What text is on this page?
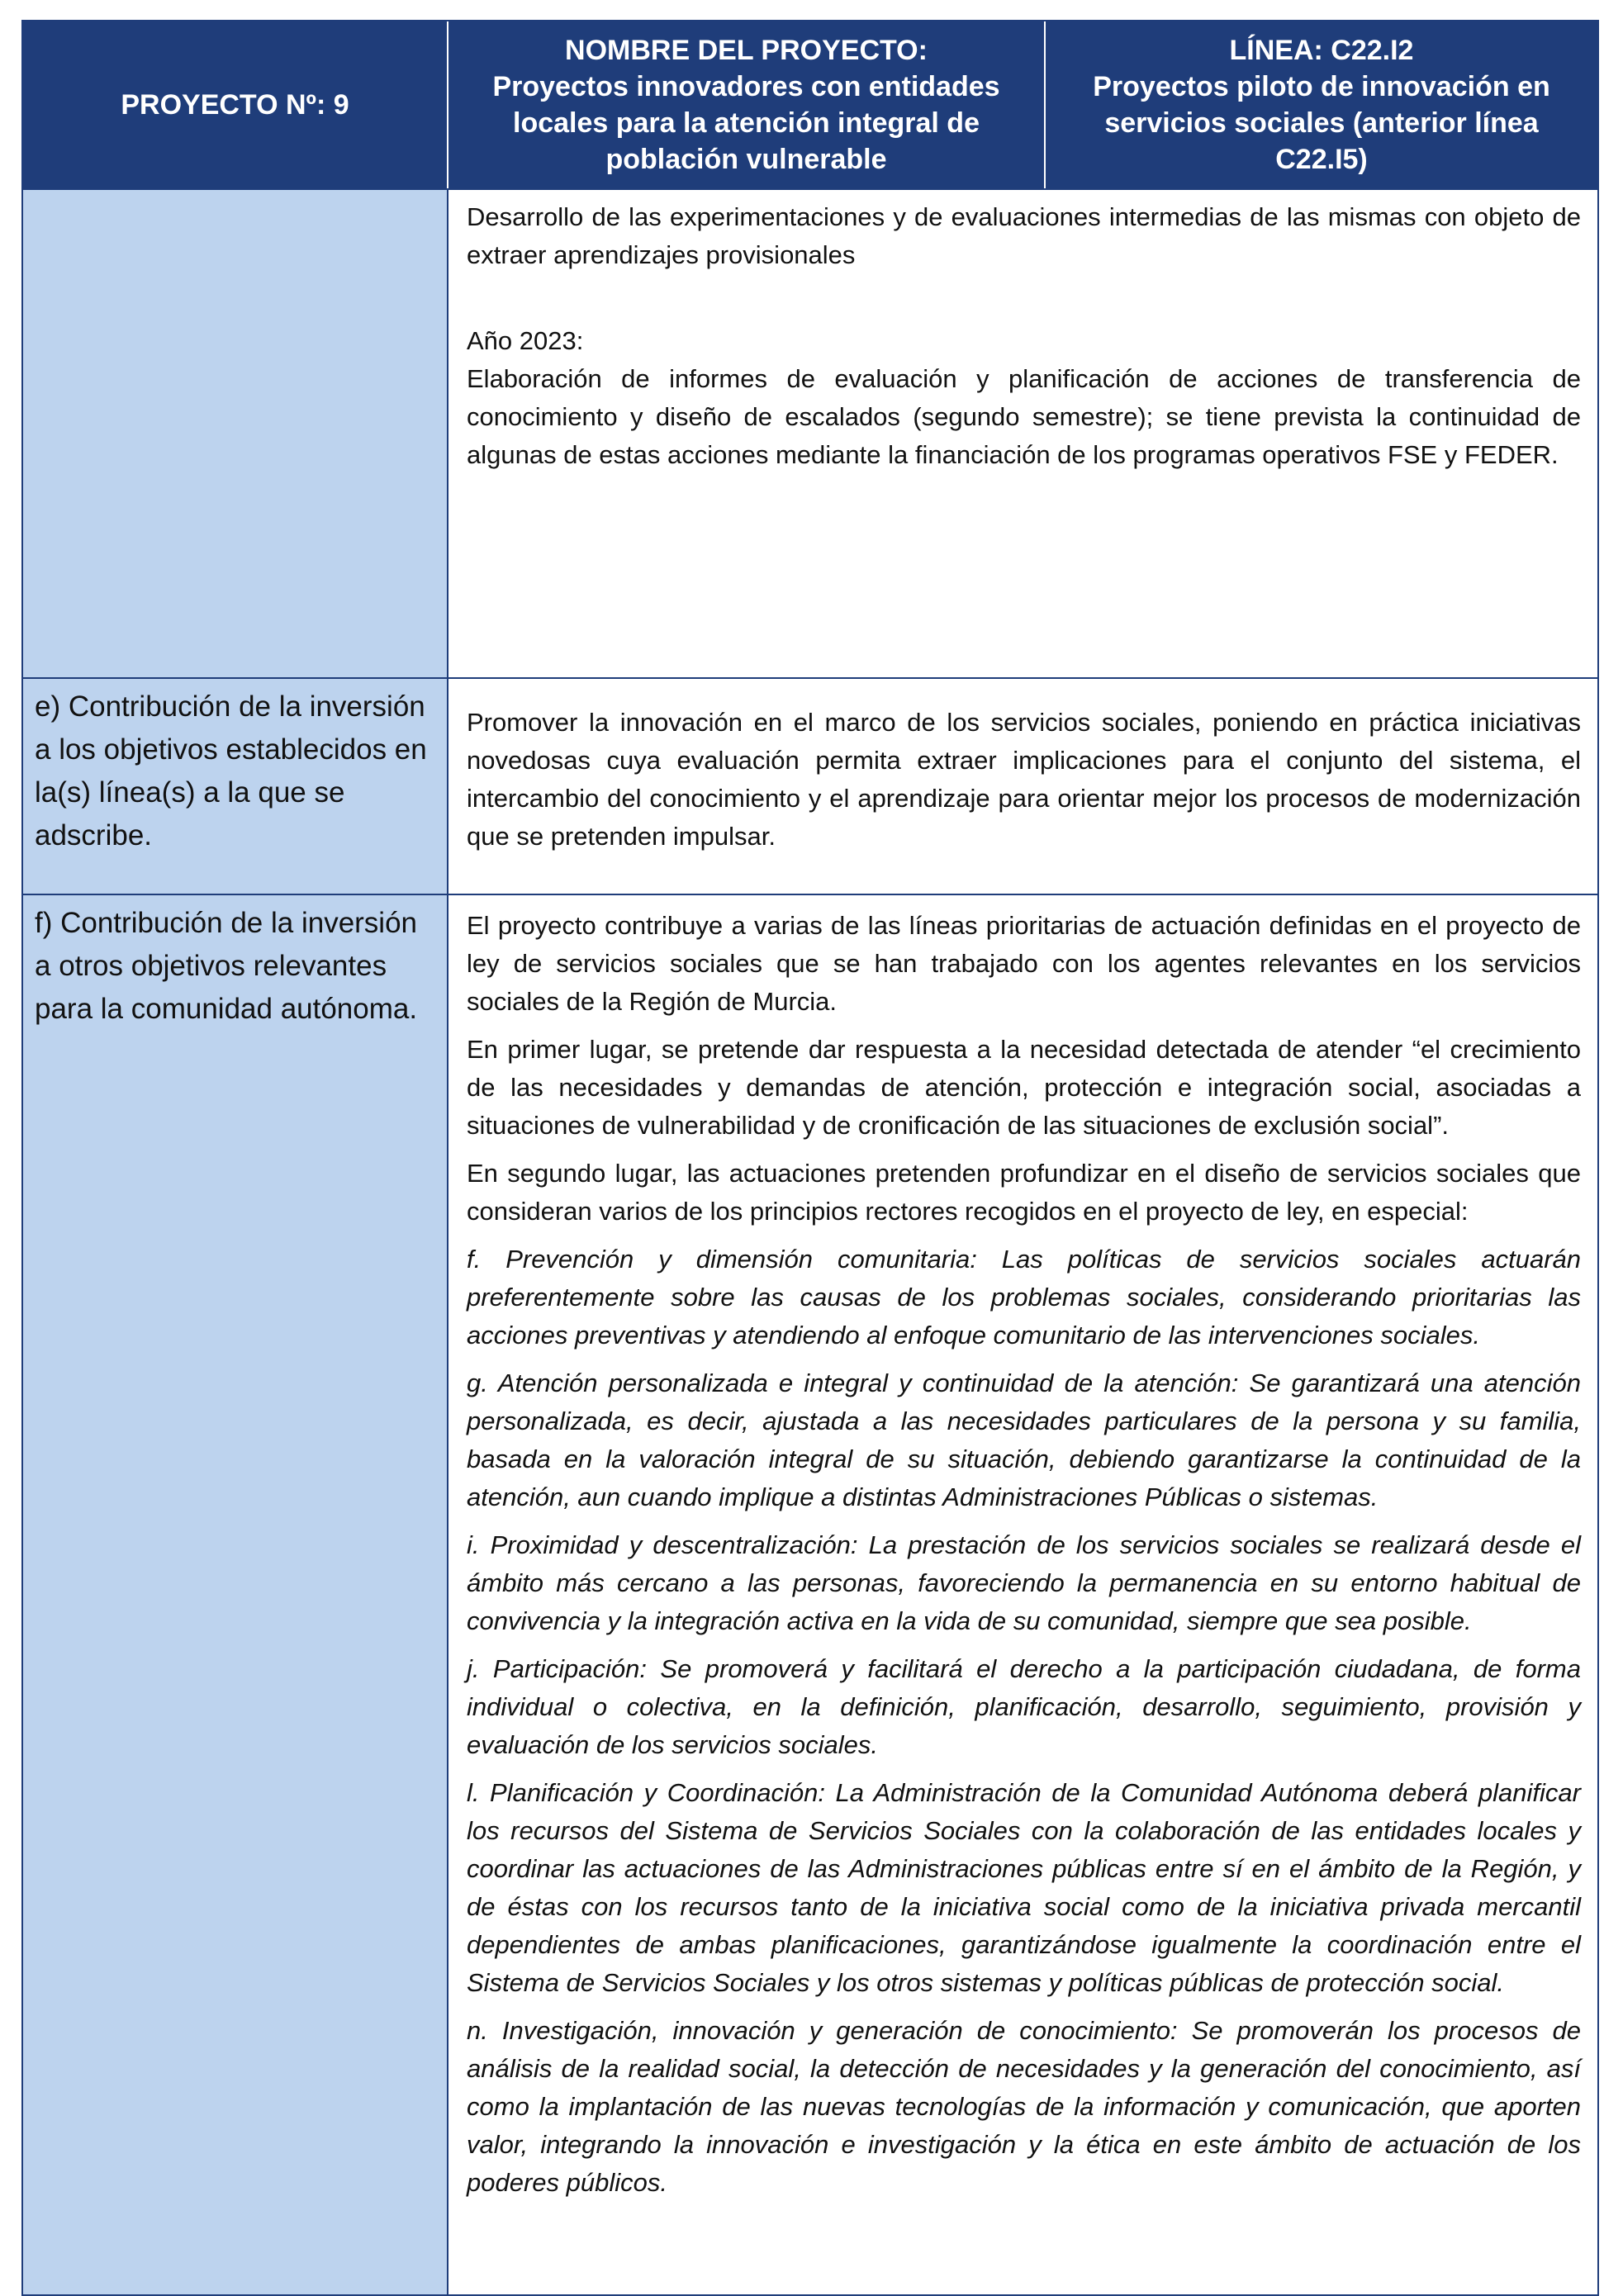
PROYECTO Nº: 9
NOMBRE DEL PROYECTO:
Proyectos innovadores con entidades locales para la atención integral de población vulnerable
LÍNEA: C22.I2
Proyectos piloto de innovación en servicios sociales (anterior línea C22.I5)

Desarrollo de las experimentaciones y de evaluaciones intermedias de las mismas con objeto de extraer aprendizajes provisionales

Año 2023:

Elaboración de informes de evaluación y planificación de acciones de transferencia de conocimiento y diseño de escalados (segundo semestre); se tiene prevista la continuidad de algunas de estas acciones mediante la financiación de los programas operativos FSE y FEDER.

e) Contribución de la inversión a los objetivos establecidos en la(s) línea(s) a la que se adscribe.

Promover la innovación en el marco de los servicios sociales, poniendo en práctica iniciativas novedosas cuya evaluación permita extraer implicaciones para el conjunto del sistema, el intercambio del conocimiento y el aprendizaje para orientar mejor los procesos de modernización que se pretenden impulsar.

f) Contribución de la inversión a otros objetivos relevantes para la comunidad autónoma.

El proyecto contribuye a varias de las líneas prioritarias de actuación definidas en el proyecto de ley de servicios sociales que se han trabajado con los agentes relevantes en los servicios sociales de la Región de Murcia.

En primer lugar, se pretende dar respuesta a la necesidad detectada de atender “el crecimiento de las necesidades y demandas de atención, protección e integración social, asociadas a situaciones de vulnerabilidad y de cronificación de las situaciones de exclusión social”.

En segundo lugar, las actuaciones pretenden profundizar en el diseño de servicios sociales que consideran varios de los principios rectores recogidos en el proyecto de ley, en especial:

f. Prevención y dimensión comunitaria: Las políticas de servicios sociales actuarán preferentemente sobre las causas de los problemas sociales, considerando prioritarias las acciones preventivas y atendiendo al enfoque comunitario de las intervenciones sociales.

g. Atención personalizada e integral y continuidad de la atención: Se garantizará una atención personalizada, es decir, ajustada a las necesidades particulares de la persona y su familia, basada en la valoración integral de su situación, debiendo garantizarse la continuidad de la atención, aun cuando implique a distintas Administraciones Públicas o sistemas.

i. Proximidad y descentralización: La prestación de los servicios sociales se realizará desde el ámbito más cercano a las personas, favoreciendo la permanencia en su entorno habitual de convivencia y la integración activa en la vida de su comunidad, siempre que sea posible.

j. Participación: Se promoverá y facilitará el derecho a la participación ciudadana, de forma individual o colectiva, en la definición, planificación, desarrollo, seguimiento, provisión y evaluación de los servicios sociales.

l. Planificación y Coordinación: La Administración de la Comunidad Autónoma deberá planificar los recursos del Sistema de Servicios Sociales con la colaboración de las entidades locales y coordinar las actuaciones de las Administraciones públicas entre sí en el ámbito de la Región, y de éstas con los recursos tanto de la iniciativa social como de la iniciativa privada mercantil dependientes de ambas planificaciones, garantizándose igualmente la coordinación entre el Sistema de Servicios Sociales y los otros sistemas y políticas públicas de protección social.

n. Investigación, innovación y generación de conocimiento: Se promoverán los procesos de análisis de la realidad social, la detección de necesidades y la generación del conocimiento, así como la implantación de las nuevas tecnologías de la información y comunicación, que aporten valor, integrando la innovación e investigación y la ética en este ámbito de actuación de los poderes públicos.
